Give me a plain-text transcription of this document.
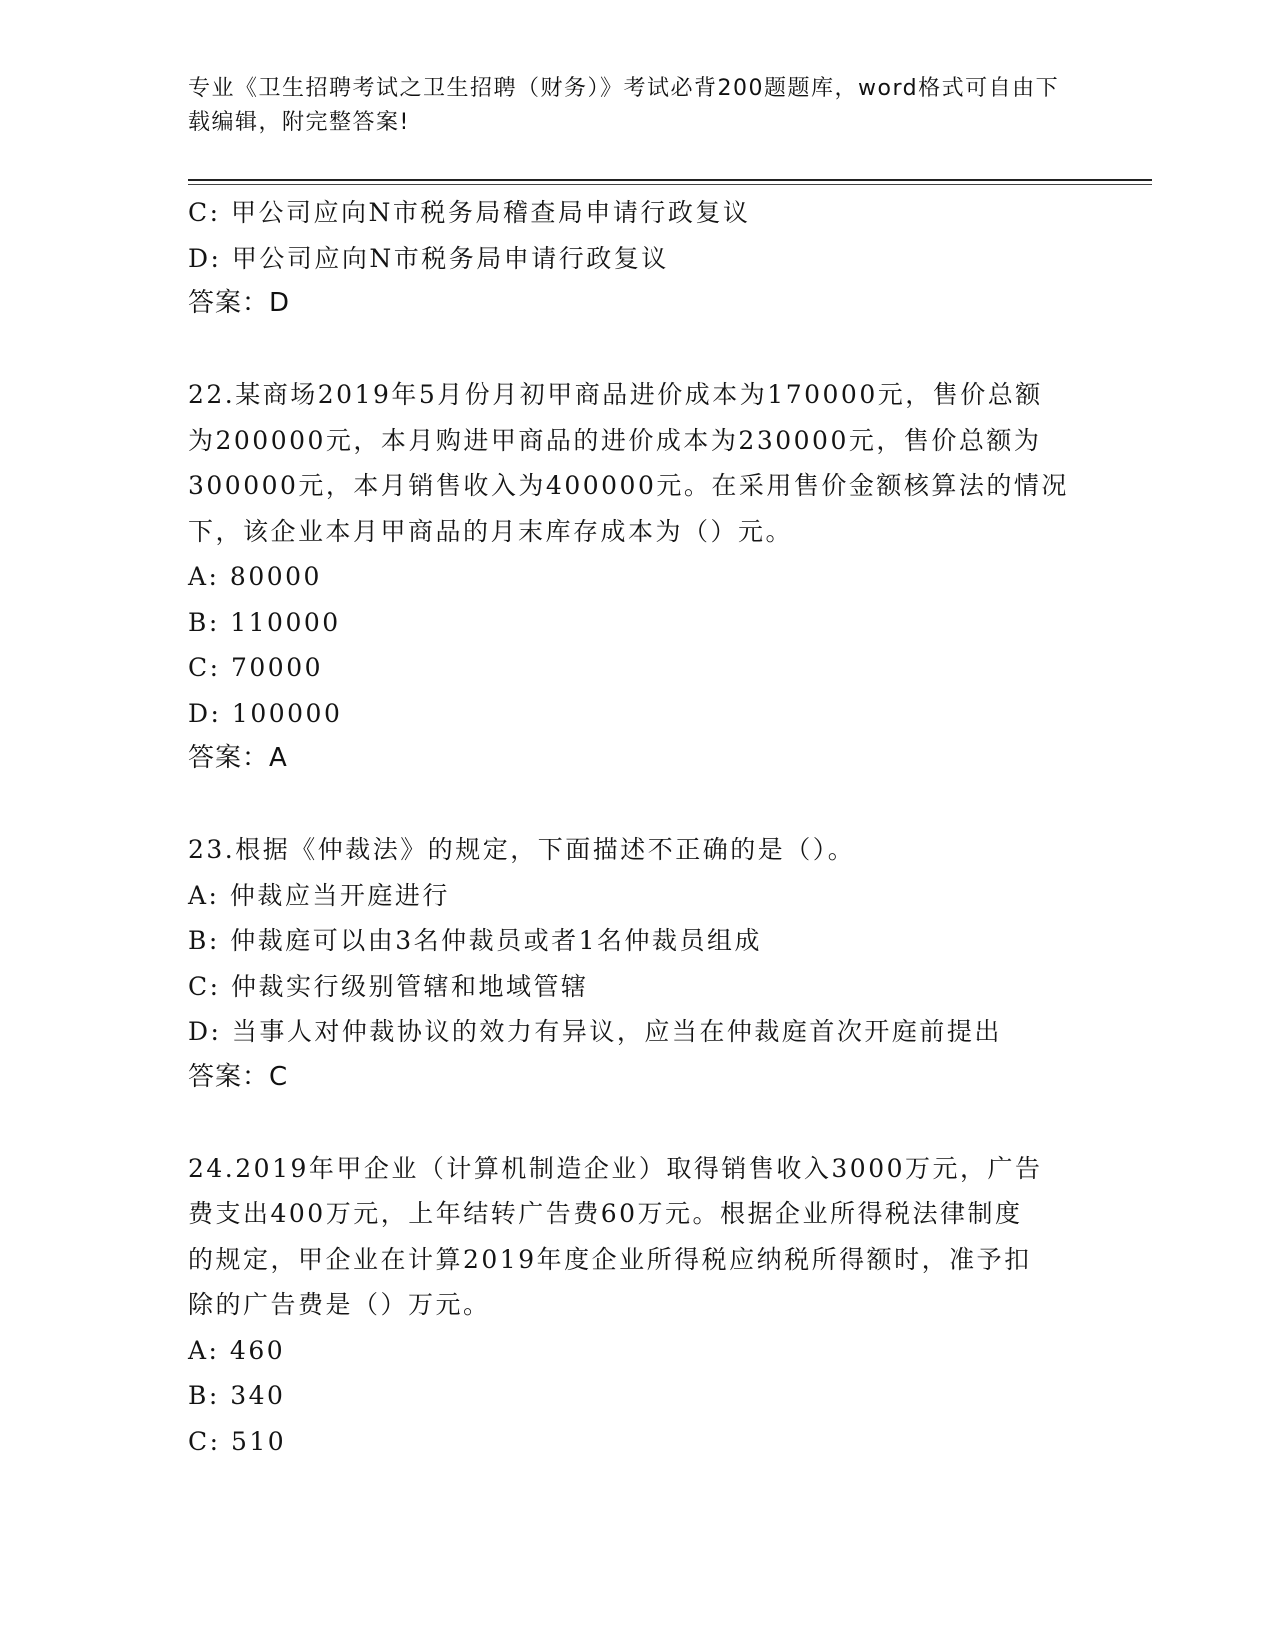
专业《卫生招聘考试之卫生招聘（财务）》考试必背200题题库，word格式可自由下载编辑，附完整答案!
C: 甲公司应向N市税务局稽查局申请行政复议
D: 甲公司应向N市税务局申请行政复议
答案：D
22.某商场2019年5月份月初甲商品进价成本为170000元，售价总额
为200000元，本月购进甲商品的进价成本为230000元，售价总额为
300000元，本月销售收入为400000元。在采用售价金额核算法的情况
下，该企业本月甲商品的月末库存成本为（）元。
A: 80000
B: 110000
C: 70000
D: 100000
答案：A
23.根据《仲裁法》的规定，下面描述不正确的是（）。
A: 仲裁应当开庭进行
B: 仲裁庭可以由3名仲裁员或者1名仲裁员组成
C: 仲裁实行级别管辖和地域管辖
D: 当事人对仲裁协议的效力有异议，应当在仲裁庭首次开庭前提出
答案：C
24.2019年甲企业（计算机制造企业）取得销售收入3000万元，广告
费支出400万元，上年结转广告费60万元。根据企业所得税法律制度
的规定，甲企业在计算2019年度企业所得税应纳税所得额时，准予扣
除的广告费是（）万元。
A: 460
B: 340
C: 510
